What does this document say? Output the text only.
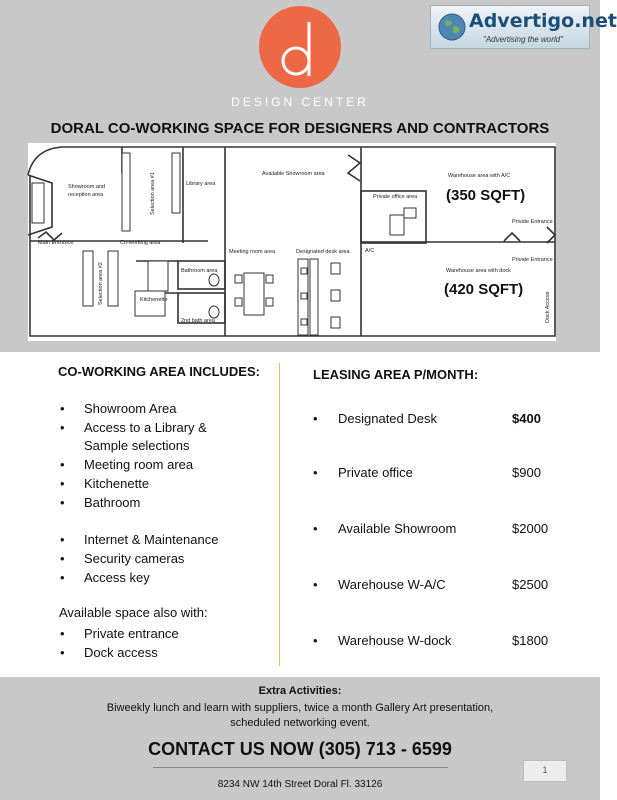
DESIGN CENTER
Advertigo.net
"Advertising the world"
DORAL CO-WORKING SPACE FOR DESIGNERS AND CONTRACTORS
Showroom and
reception area	Selection area #1	Library area
Available Showroom area	Warehouse area with A/C
(350 SQFT)
Private office area
Private Entrance
Main Entrance	Co-working area
Meeting room area	Designated desk area	A/C
Bathroom area
Private Entrance
Warehouse area with dock
(420 SQFT)
Selection area #2	Kitchenette
2nd bath area	Dock Access
CO-WORKING AREA INCLUDES:
• Showroom Area
• Access to a Library &
Sample selections
• Meeting room area
• Kitchenette
• Bathroom
• Internet & Maintenance
• Security cameras
• Access key
Available space also with:
• Private entrance
• Dock access
LEASING AREA P/MONTH:
• Designated Desk	$400
• Private office	$900
• Available Showroom	$2000
• Warehouse W-A/C	$2500
• Warehouse W-dock	$1800
Extra Activities:
Biweekly lunch and learn with suppliers, twice a month Gallery Art presentation,
scheduled networking event.
CONTACT US NOW (305) 713 - 6599
1
8234 NW 14th Street Doral Fl. 33126
